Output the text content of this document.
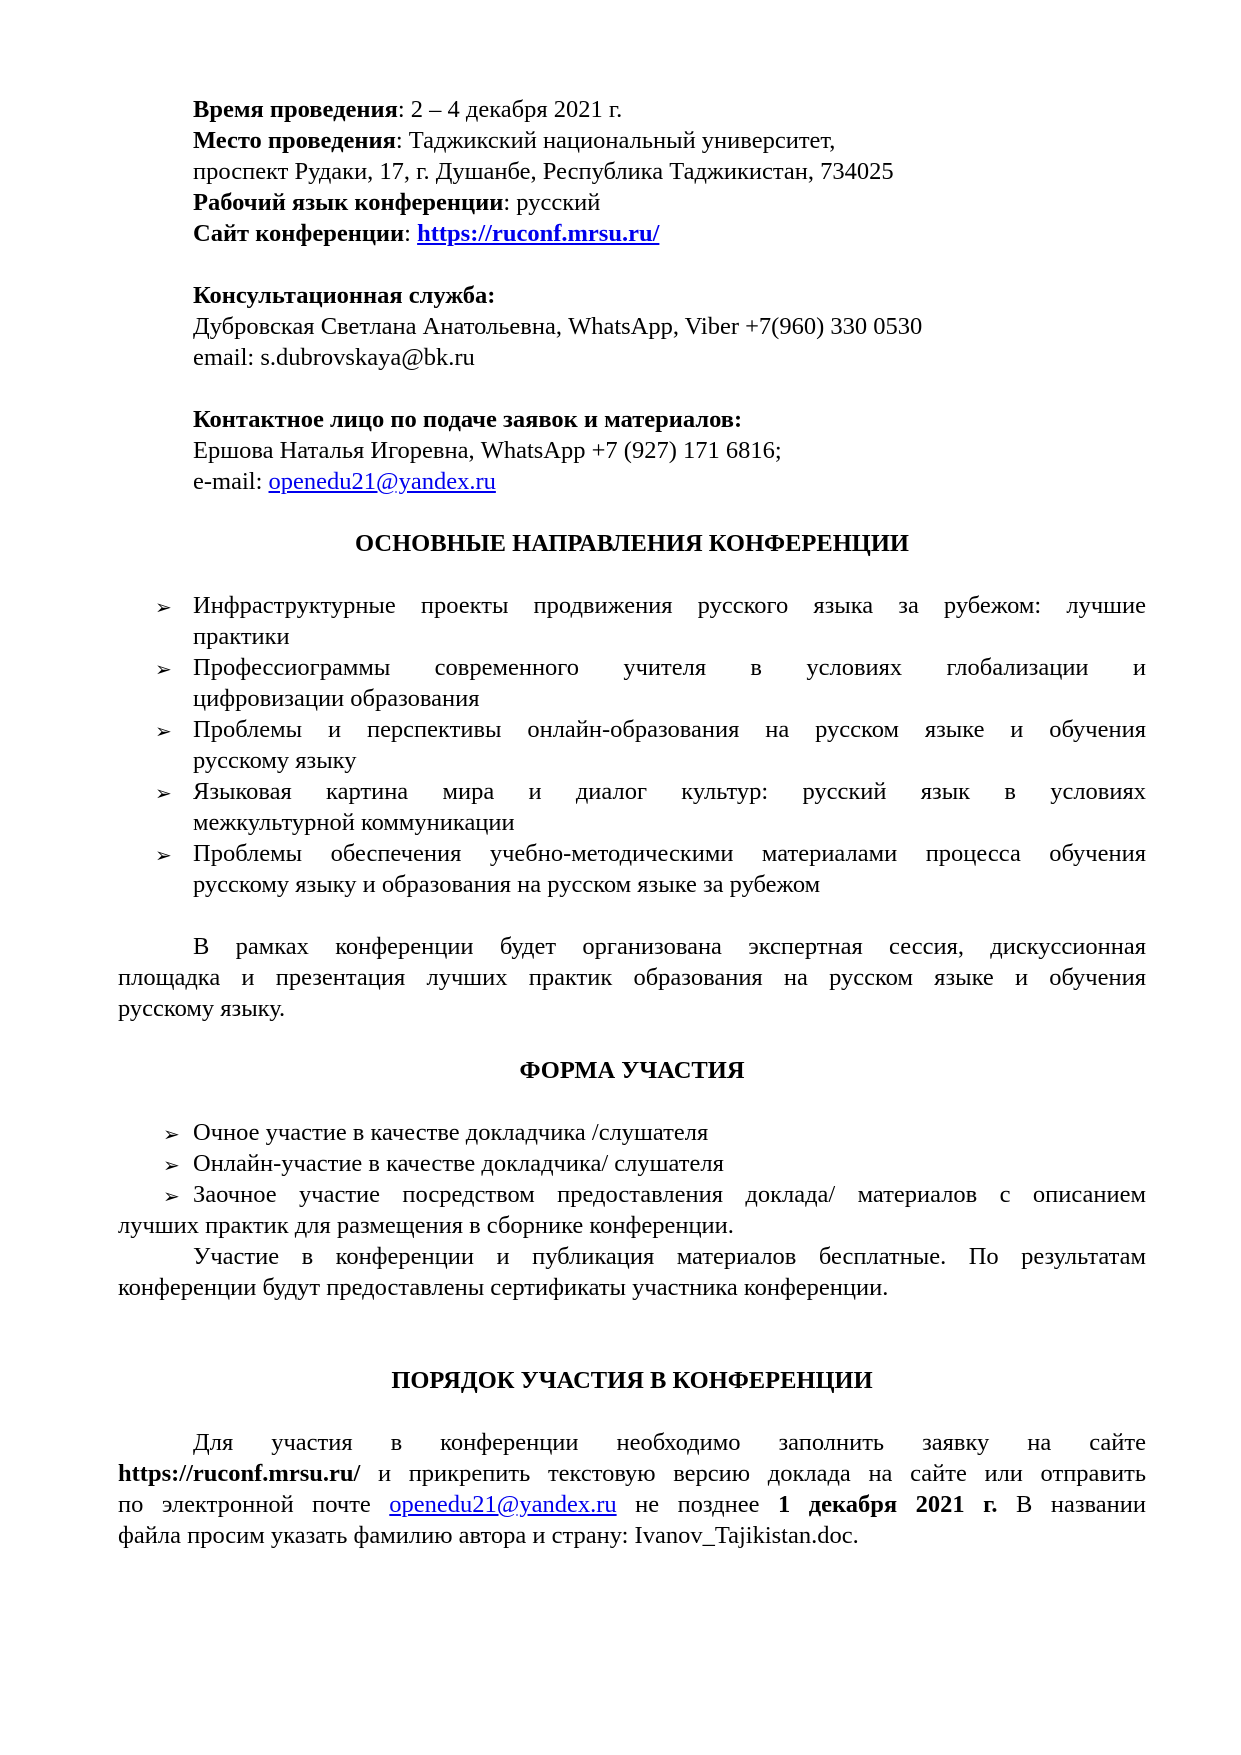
Время проведения: 2 – 4 декабря 2021 г.
Место проведения: Таджикский национальный университет,
проспект Рудаки, 17, г. Душанбе, Республика Таджикистан, 734025
Рабочий язык конференции: русский
Сайт конференции: https://ruconf.mrsu.ru/
Консультационная служба:
Дубровская Светлана Анатольевна, WhatsApp, Viber +7(960) 330 0530
email: s.dubrovskaya@bk.ru
Контактное лицо по подаче заявок и материалов:
Ершова Наталья Игоревна, WhatsApp +7 (927) 171 6816;
e-mail: openedu21@yandex.ru
ОСНОВНЫЕ НАПРАВЛЕНИЯ КОНФЕРЕНЦИИ
➢ Инфраструктурные проекты продвижения русского языка за рубежом: лучшие
практики
➢ Профессиограммы современного учителя в условиях глобализации и
цифровизации образования
➢ Проблемы и перспективы онлайн-образования на русском языке и обучения
русскому языку
➢ Языковая картина мира и диалог культур: русский язык в условиях
межкультурной коммуникации
➢ Проблемы обеспечения учебно-методическими материалами процесса обучения
русскому языку и образования на русском языке за рубежом
В рамках конференции будет организована экспертная сессия, дискуссионная
площадка и презентация лучших практик образования на русском языке и обучения
русскому языку.
ФОРМА УЧАСТИЯ
➢ Очное участие в качестве докладчика /слушателя
➢ Онлайн-участие в качестве докладчика/ слушателя
➢ Заочное участие посредством предоставления доклада/ материалов с описанием
лучших практик для размещения в сборнике конференции.
Участие в конференции и публикация материалов бесплатные. По результатам
конференции будут предоставлены сертификаты участника конференции.
ПОРЯДОК УЧАСТИЯ В КОНФЕРЕНЦИИ
Для участия в конференции необходимо заполнить заявку на сайте
https://ruconf.mrsu.ru/ и прикрепить текстовую версию доклада на сайте или отправить
по электронной почте openedu21@yandex.ru не позднее 1 декабря 2021 г. В названии
файла просим указать фамилию автора и страну: Ivanov_Tajikistan.doc.
